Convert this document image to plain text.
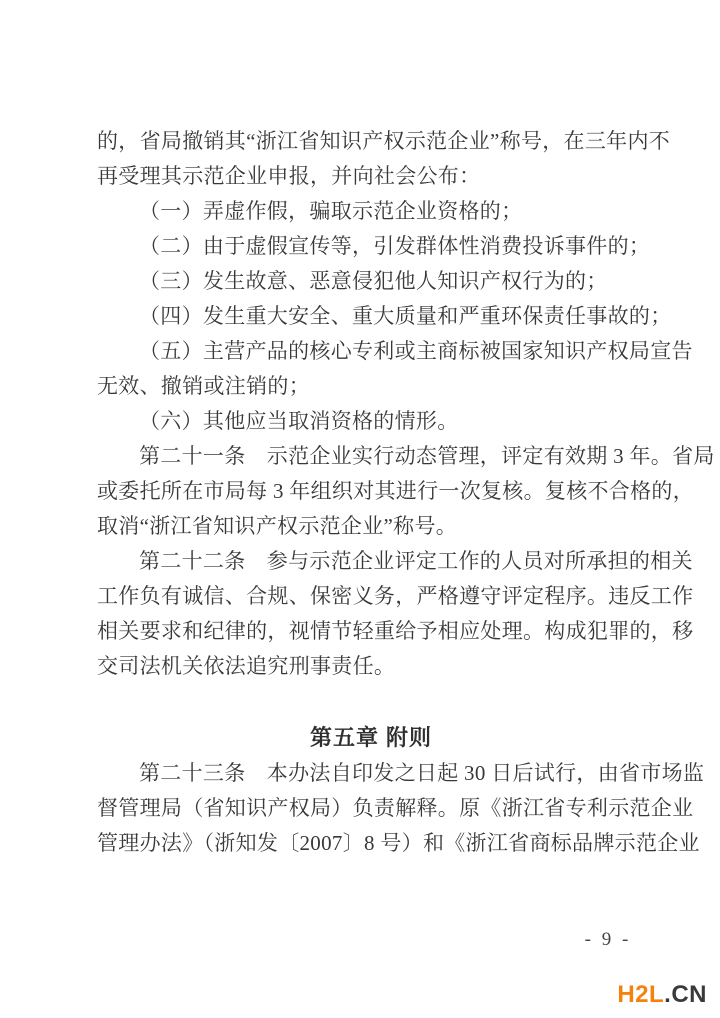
的，省局撤销其“浙江省知识产权示范企业”称号，在三年内不

再受理其示范企业申报，并向社会公布：

（一）弄虚作假，骗取示范企业资格的；

（二）由于虚假宣传等，引发群体性消费投诉事件的；

（三）发生故意、恶意侵犯他人知识产权行为的；

（四）发生重大安全、重大质量和严重环保责任事故的；

（五）主营产品的核心专利或主商标被国家知识产权局宣告

无效、撤销或注销的；

（六）其他应当取消资格的情形。

第二十一条　示范企业实行动态管理，评定有效期 3 年。省局

或委托所在市局每 3 年组织对其进行一次复核。复核不合格的，

取消“浙江省知识产权示范企业”称号。

第二十二条　参与示范企业评定工作的人员对所承担的相关

工作负有诚信、合规、保密义务，严格遵守评定程序。违反工作

相关要求和纪律的，视情节轻重给予相应处理。构成犯罪的，移

交司法机关依法追究刑事责任。

第五章 附则

第二十三条　本办法自印发之日起 30 日后试行，由省市场监

督管理局（省知识产权局）负责解释。原《浙江省专利示范企业

管理办法》（浙知发〔2007〕8 号）和《浙江省商标品牌示范企业

- 9 -
H2L.CN
